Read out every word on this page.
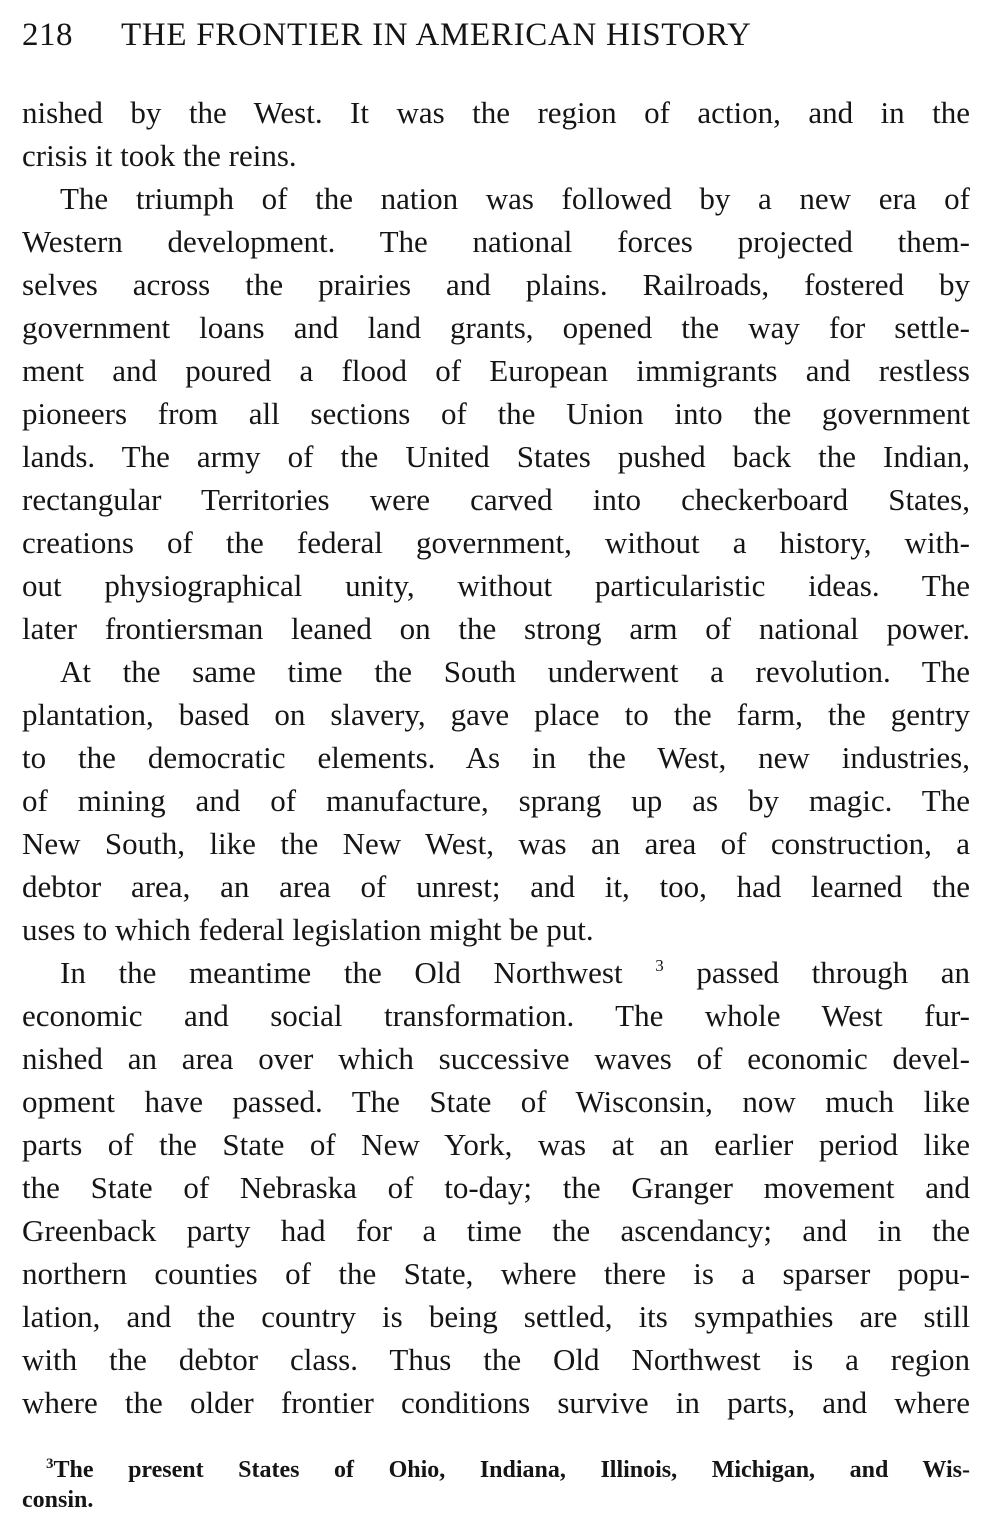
218 THE FRONTIER IN AMERICAN HISTORY
nished by the West. It was the region of action, and in the
crisis it took the reins.
The triumph of the nation was followed by a new era of
Western development. The national forces projected them-
selves across the prairies and plains. Railroads, fostered by
government loans and land grants, opened the way for settle-
ment and poured a flood of European immigrants and restless
pioneers from all sections of the Union into the government
lands. The army of the United States pushed back the Indian,
rectangular Territories were carved into checkerboard States,
creations of the federal government, without a history, with-
out physiographical unity, without particularistic ideas. The
later frontiersman leaned on the strong arm of national power.
At the same time the South underwent a revolution. The
plantation, based on slavery, gave place to the farm, the gentry
to the democratic elements. As in the West, new industries,
of mining and of manufacture, sprang up as by magic. The
New South, like the New West, was an area of construction, a
debtor area, an area of unrest; and it, too, had learned the
uses to which federal legislation might be put.
In the meantime the Old Northwest $^3$ passed through an
economic and social transformation. The whole West fur-
nished an area over which successive waves of economic devel-
opment have passed. The State of Wisconsin, now much like
parts of the State of New York, was at an earlier period like
the State of Nebraska of to-day; the Granger movement and
Greenback party had for a time the ascendancy; and in the
northern counties of the State, where there is a sparser popu-
lation, and the country is being settled, its sympathies are still
with the debtor class. Thus the Old Northwest is a region
where the older frontier conditions survive in parts, and where
$^3$The present States of Ohio, Indiana, Illinois, Michigan, and Wis-
consin.
